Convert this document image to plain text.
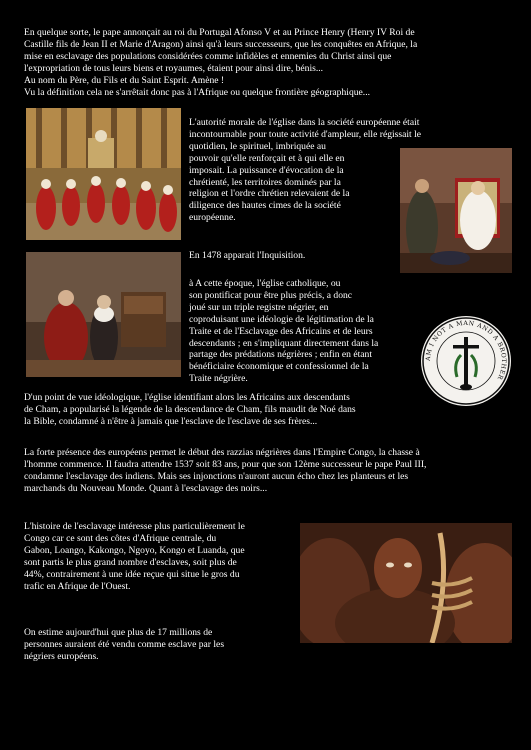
En quelque sorte, le pape annonçait au roi du Portugal Afonso V et au Prince Henry (Henry IV Roi de
Castille fils de Jean II et Marie d'Aragon) ainsi qu'à leurs successeurs, que les conquêtes en Afrique, la
mise en esclavage des populations considérées comme infidèles et ennemies du Christ ainsi que
l'expropriation de tous leurs biens et royaumes, étaient pour ainsi dire, bénis...
Au nom du Père, du Fils et du Saint Esprit. Amène !
Vu la définition cela ne s'arrêtait donc pas à l'Afrique ou quelque frontière géographique...
L'autorité morale de l'église dans la société européenne était
incontournable pour toute activité d'ampleur, elle régissait le
quotidien, le spirituel, imbriquée au
pouvoir qu'elle renforçait et à qui elle en
imposait. La puissance d'évocation de la
chrétienté, les territoires dominés par la
religion et l'ordre chrétien relevaient de la
diligence des hautes cimes de la société
européenne.
En 1478 apparait l'Inquisition.
à A cette époque, l'église catholique, ou
son pontificat pour être plus précis, a donc
joué sur un triple registre négrier, en
coproduisant une idéologie de légitimation de la
Traite et de l'Esclavage des Africains et de leurs
descendants ; en s'impliquant directement dans la
partage des prédations négrières ; enfin en étant
bénéficiaire économique et confessionnel de la
Traite négrière.
AM I NOT A MAN AND A BROTHER
D'un point de vue idéologique, l'église identifiant alors les Africains aux descendants
de Cham, a popularisé la légende de la descendance de Cham, fils maudit de Noé dans
la Bible, condamné à n'être à jamais que l'esclave de l'esclave de ses frères...
La forte présence des européens permet le début des razzias négrières dans l'Empire Congo, la chasse à
l'homme commence. Il faudra attendre 1537 soit 83 ans, pour que son 12ème successeur le pape Paul III,
condamne l'esclavage des indiens. Mais ses injonctions n'auront aucun écho chez les planteurs et les
marchands du Nouveau Monde. Quant à l'esclavage des noirs...
L'histoire de l'esclavage intéresse plus particulièrement le
Congo car ce sont des côtes d'Afrique centrale, du
Gabon, Loango, Kakongo, Ngoyo, Kongo et Luanda, que
sont partis le plus grand nombre d'esclaves, soit plus de
44%, contrairement à une idée reçue qui situe le gros du
trafic en Afrique de l'Ouest.
On estime aujourd'hui que plus de 17 millions de
personnes auraient été vendu comme esclave par les
négriers européens.
